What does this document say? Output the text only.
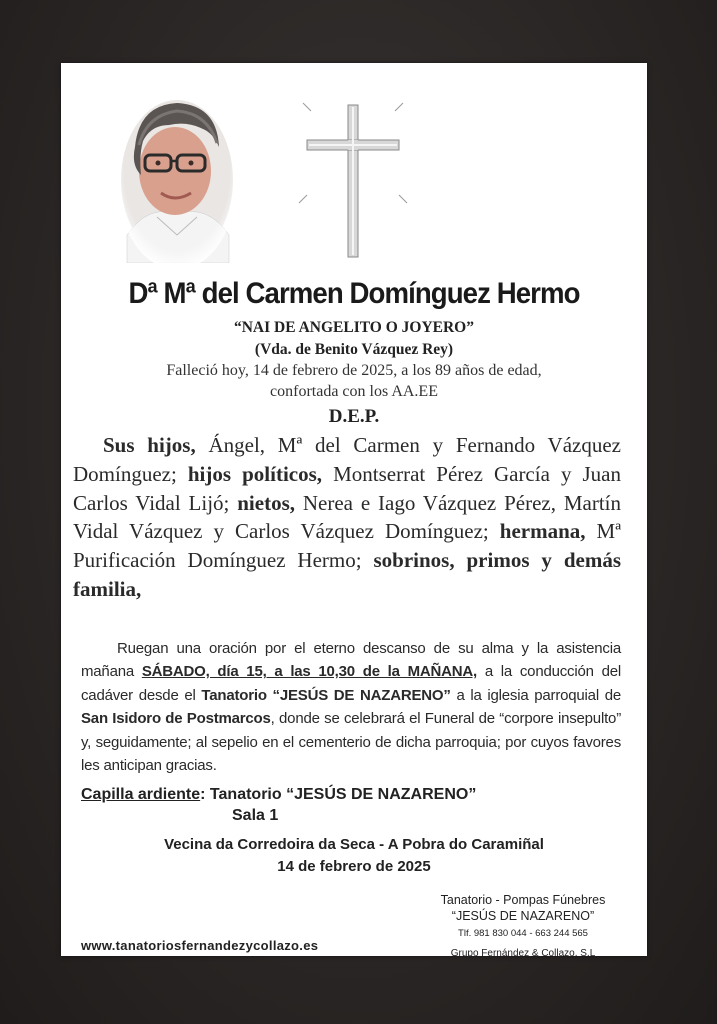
Dª Mª del Carmen Domínguez Hermo
“NAI DE ANGELITO O JOYERO”
(Vda. de Benito Vázquez Rey)
Falleció hoy, 14 de febrero de 2025, a los 89 años de edad,
confortada con los AA.EE
D.E.P.
Sus hijos, Ángel, Mª del Carmen y Fernando Vázquez Domínguez; hijos políticos, Montserrat Pérez García y Juan Carlos Vidal Lijó; nietos, Nerea e Iago Vázquez Pérez, Martín Vidal Vázquez y Carlos Vázquez Domínguez; hermana, Mª Purificación Domínguez Hermo; sobrinos, primos y demás familia,
Ruegan una oración por el eterno descanso de su alma y la asistencia mañana SÁBADO, día 15, a las 10,30 de la MAÑANA, a la conducción del cadáver desde el Tanatorio “JESÚS DE NAZARENO” a la iglesia parroquial de San Isidoro de Postmarcos, donde se celebrará el Funeral de “corpore insepulto” y, seguidamente; al sepelio en el cementerio de dicha parroquia; por cuyos favores les anticipan gracias.
Capilla ardiente: Tanatorio “JESÚS DE NAZARENO”
Sala 1
Vecina da Corredoira da Seca - A Pobra do Caramiñal
14 de febrero de 2025
www.tanatoriosfernandezycollazo.es
Tanatorio - Pompas Fúnebres
“JESÚS DE NAZARENO”
Tlf. 981 830 044 - 663 244 565
Grupo Fernández & Collazo, S.L
